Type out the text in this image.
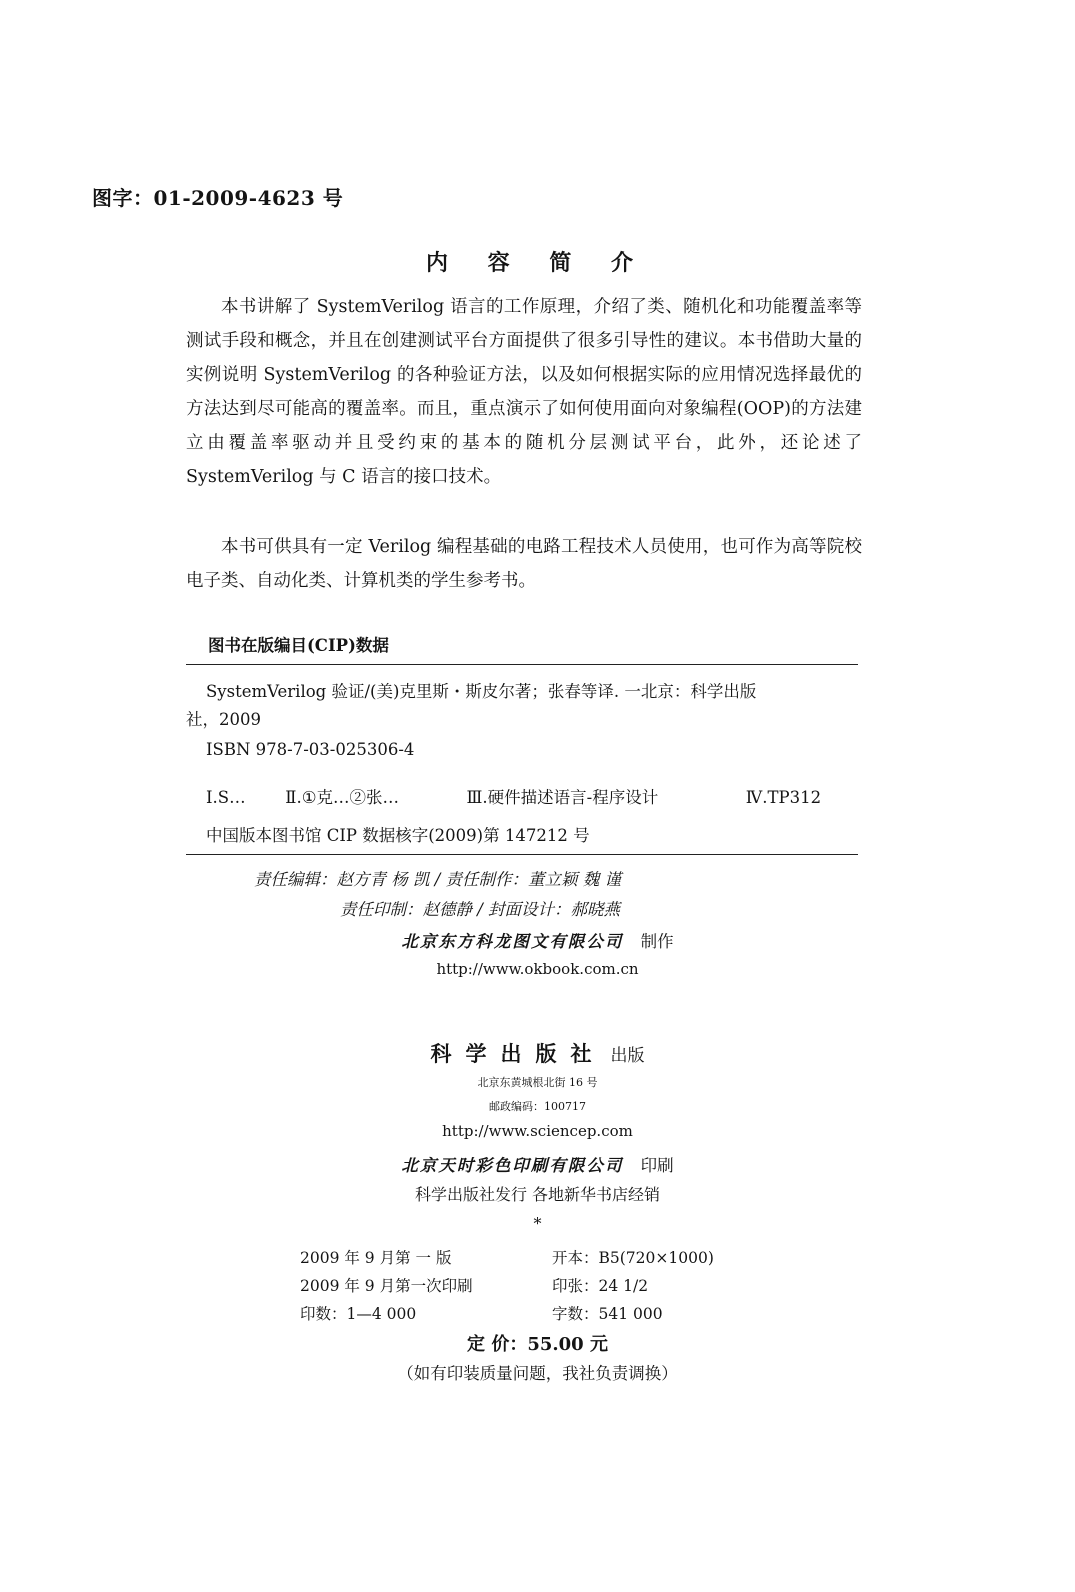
图字：01-2009-4623 号
内 容 简 介

本书讲解了 SystemVerilog 语言的工作原理，介绍了类、随机化和功能覆盖率等测试手段和概念，并且在创建测试平台方面提供了很多引导性的建议。本书借助大量的实例说明 SystemVerilog 的各种验证方法，以及如何根据实际的应用情况选择最优的方法达到尽可能高的覆盖率。而且，重点演示了如何使用面向对象编程(OOP)的方法建立由覆盖率驱动并且受约束的基本的随机分层测试平台，此外，还论述了 SystemVerilog 与 C 语言的接口技术。

本书可供具有一定 Verilog 编程基础的电路工程技术人员使用，也可作为高等院校电子类、自动化类、计算机类的学生参考书。

图书在版编目(CIP)数据
SystemVerilog 验证/(美)克里斯・斯皮尔著；张春等译. 一北京：科学出版
社，2009
ISBN 978-7-03-025306-4
Ⅰ.S… Ⅱ.①克…②张…	Ⅲ.硬件描述语言-程序设计	Ⅳ.TP312
中国版本图书馆 CIP 数据核字(2009)第 147212 号
责任编辑：赵方青 杨 凯 / 责任制作：董立颖 魏 谨
责任印制：赵德静 / 封面设计：郝晓燕
北京东方科龙图文有限公司 制作
http://www.okbook.com.cn
科学出版社 出版
北京东黄城根北街 16 号
邮政编码：100717
http://www.sciencep.com
北京天时彩色印刷有限公司 印刷
科学出版社发行 各地新华书店经销
*
2009 年 9 月第 一 版
2009 年 9 月第一次印刷
印数：1—4 000
开本：B5(720×1000)
印张：24 1/2
字数：541 000
定 价：55.00 元
（如有印装质量问题，我社负责调换）
